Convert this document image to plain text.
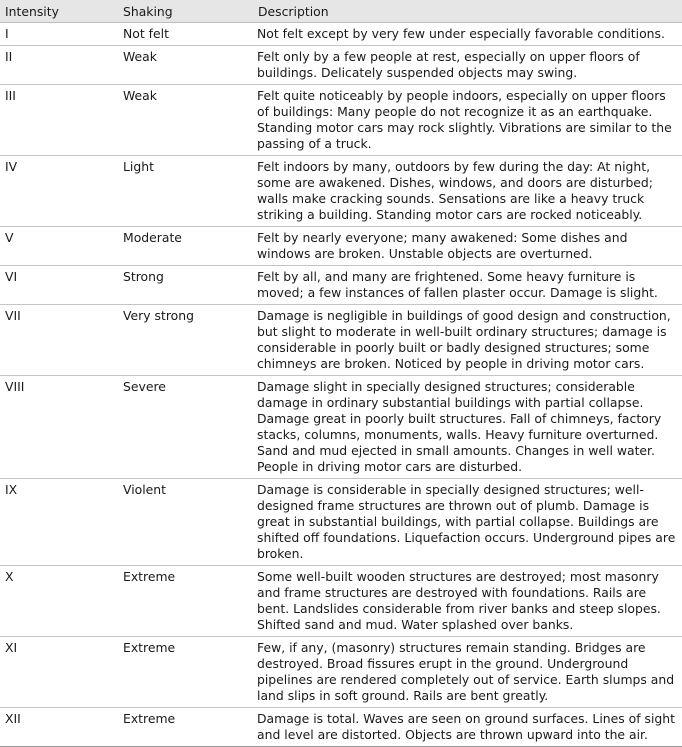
Intensity	Shaking	Description
I	Not felt	Not felt except by very few under especially favorable conditions.
II	Weak	Felt only by a few people at rest, especially on upper floors of buildings. Delicately suspended objects may swing.
III	Weak	Felt quite noticeably by people indoors, especially on upper floors of buildings: Many people do not recognize it as an earthquake. Standing motor cars may rock slightly. Vibrations are similar to the passing of a truck.
IV	Light	Felt indoors by many, outdoors by few during the day: At night, some are awakened. Dishes, windows, and doors are disturbed; walls make cracking sounds. Sensations are like a heavy truck striking a building. Standing motor cars are rocked noticeably.
V	Moderate	Felt by nearly everyone; many awakened: Some dishes and windows are broken. Unstable objects are overturned.
VI	Strong	Felt by all, and many are frightened. Some heavy furniture is moved; a few instances of fallen plaster occur. Damage is slight.
VII	Very strong	Damage is negligible in buildings of good design and construction, but slight to moderate in well-built ordinary structures; damage is considerable in poorly built or badly designed structures; some chimneys are broken. Noticed by people in driving motor cars.
VIII	Severe	Damage slight in specially designed structures; considerable damage in ordinary substantial buildings with partial collapse. Damage great in poorly built structures. Fall of chimneys, factory stacks, columns, monuments, walls. Heavy furniture overturned. Sand and mud ejected in small amounts. Changes in well water. People in driving motor cars are disturbed.
IX	Violent	Damage is considerable in specially designed structures; well-designed frame structures are thrown out of plumb. Damage is great in substantial buildings, with partial collapse. Buildings are shifted off foundations. Liquefaction occurs. Underground pipes are broken.
X	Extreme	Some well-built wooden structures are destroyed; most masonry and frame structures are destroyed with foundations. Rails are bent. Landslides considerable from river banks and steep slopes. Shifted sand and mud. Water splashed over banks.
XI	Extreme	Few, if any, (masonry) structures remain standing. Bridges are destroyed. Broad fissures erupt in the ground. Underground pipelines are rendered completely out of service. Earth slumps and land slips in soft ground. Rails are bent greatly.
XII	Extreme	Damage is total. Waves are seen on ground surfaces. Lines of sight and level are distorted. Objects are thrown upward into the air.
